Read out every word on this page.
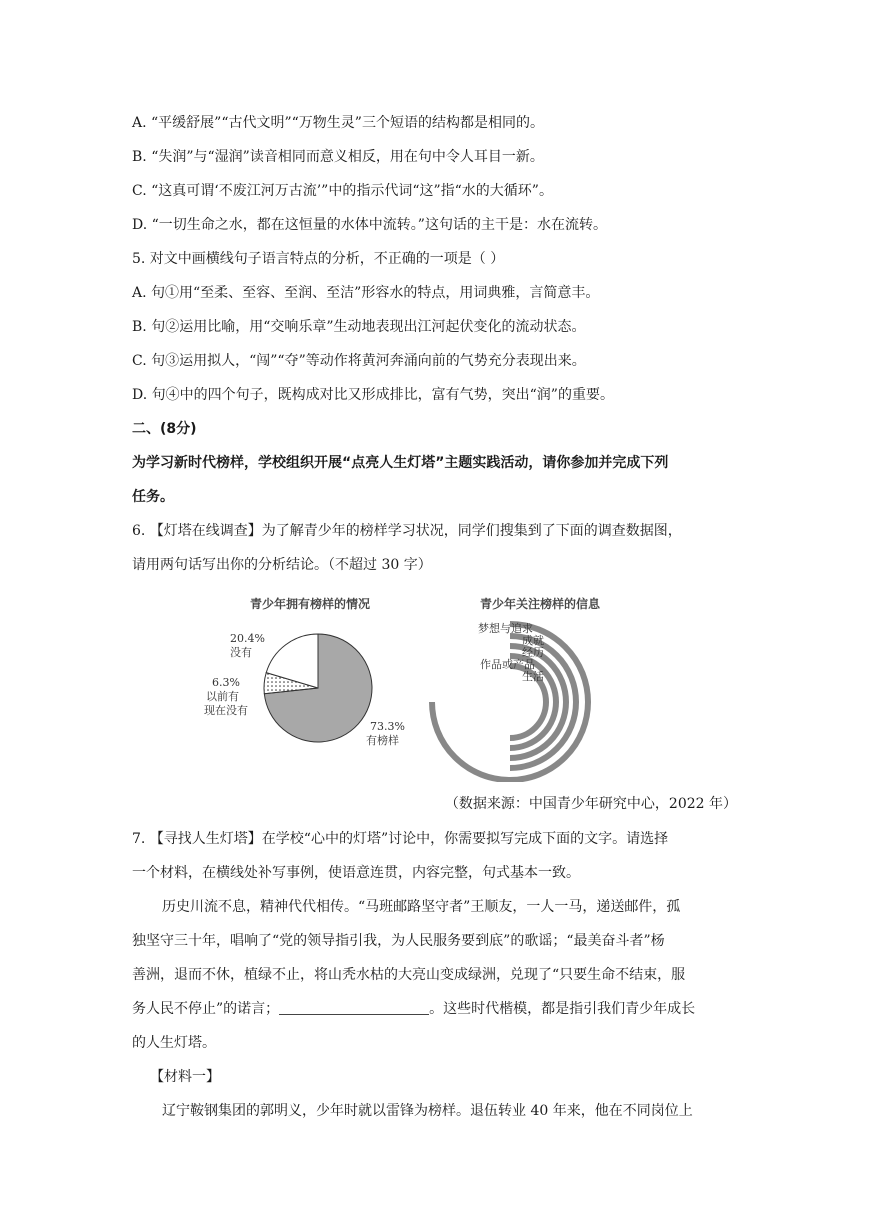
A. “平缓舒展”“古代文明”“万物生灵”三个短语的结构都是相同的。
B. “失润”与“湿润”读音相同而意义相反，用在句中令人耳目一新。
C. “这真可谓‘不废江河万古流’”中的指示代词“这”指“水的大循环”。
D. “一切生命之水，都在这恒量的水体中流转。”这句话的主干是：水在流转。
5. 对文中画横线句子语言特点的分析，不正确的一项是（ ）
A. 句①用“至柔、至容、至润、至洁”形容水的特点，用词典雅，言简意丰。
B. 句②运用比喻，用“交响乐章”生动地表现出江河起伏变化的流动状态。
C. 句③运用拟人，“闯”“夺”等动作将黄河奔涌向前的气势充分表现出来。
D. 句④中的四个句子，既构成对比又形成排比，富有气势，突出“润”的重要。
二、(8分)
为学习新时代榜样，学校组织开展“点亮人生灯塔”主题实践活动，请你参加并完成下列
任务。
6. 【灯塔在线调查】为了解青少年的榜样学习状况，同学们搜集到了下面的调查数据图，
请用两句话写出你的分析结论。（不超过 30 字）
青少年拥有榜样的情况
20.4%
没有
6.3%
以前有
现在没有
73.3%
有榜样
青少年关注榜样的信息
梦想与追求
成就
经历
作品或产品
生活
（数据来源：中国青少年研究中心，2022 年）
7. 【寻找人生灯塔】在学校“心中的灯塔”讨论中，你需要拟写完成下面的文字。请选择
一个材料，在横线处补写事例，使语意连贯，内容完整，句式基本一致。
历史川流不息，精神代代相传。“马班邮路坚守者”王顺友，一人一马，递送邮件，孤
独坚守三十年，唱响了“党的领导指引我，为人民服务要到底”的歌谣；“最美奋斗者”杨
善洲，退而不休，植绿不止，将山秃水枯的大亮山变成绿洲，兑现了“只要生命不结束，服
务人民不停止”的诺言；	。这些时代楷模，都是指引我们青少年成长
的人生灯塔。
【材料一】
辽宁鞍钢集团的郭明义，少年时就以雷锋为榜样。退伍转业 40 年来，他在不同岗位上
